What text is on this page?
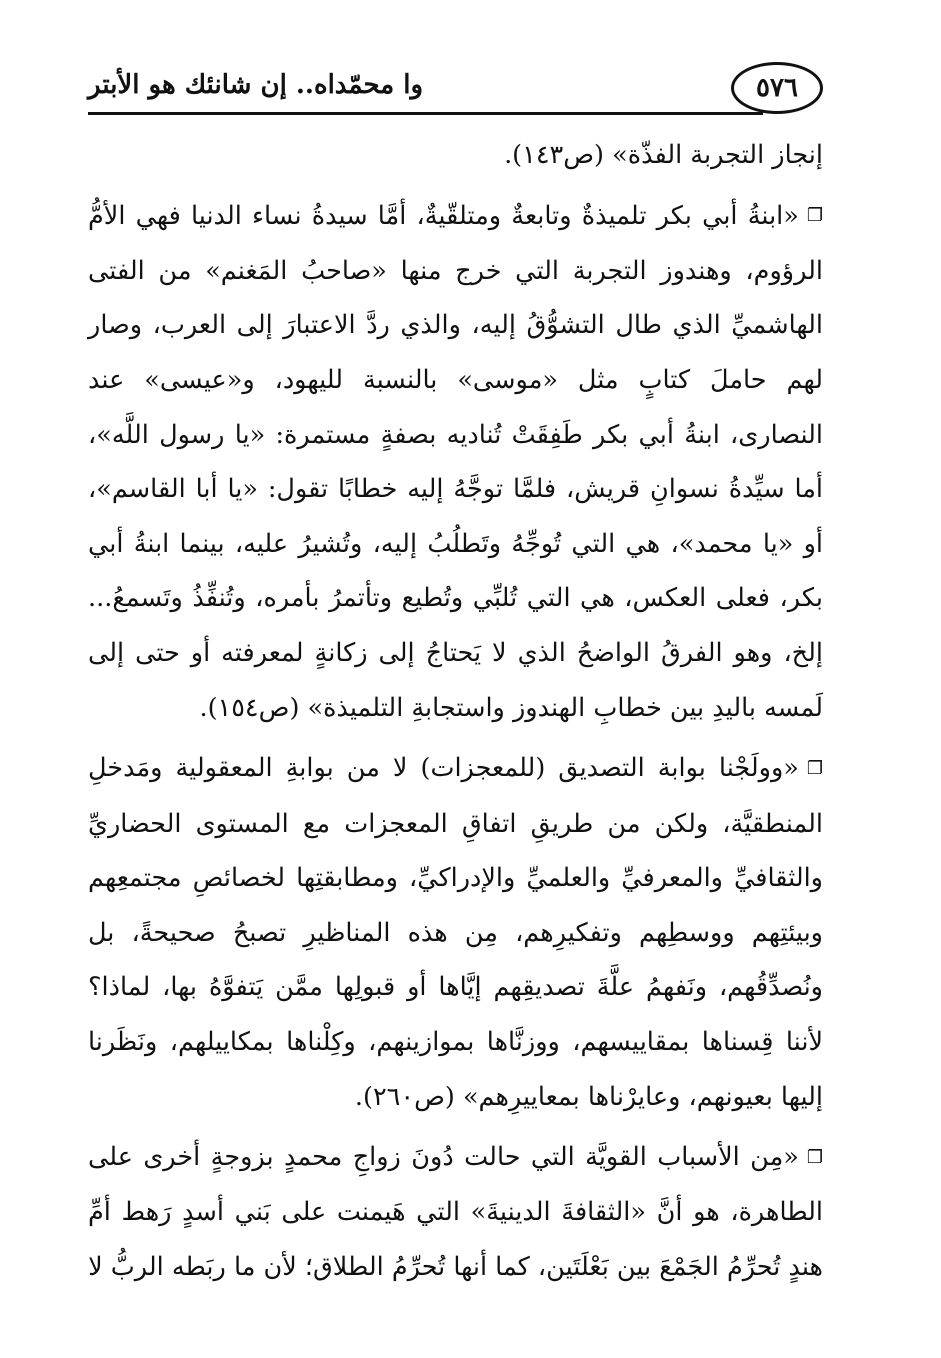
٥٧٦
وا محمّداه.. إن شانئك هو الأبتر

إنجاز التجربة الفذّة» (ص١٤٣).

❐«ابنةُ أبي بكر تلميذةٌ وتابعةٌ ومتلقّيةٌ، أمَّا سيدةُ نساء الدنيا فهي الأمُّ الرؤوم، وهندوز التجربة التي خرج منها «صاحبُ المَغنم» من الفتى الهاشميِّ الذي طال التشوُّقُ إليه، والذي ردَّ الاعتبارَ إلى العرب، وصار لهم حاملَ كتابٍ مثل «موسى» بالنسبة لليهود، و«عيسى» عند النصارى، ابنةُ أبي بكر طَفِقَتْ تُناديه بصفةٍ مستمرة: «يا رسول اللَّه»، أما سيِّدةُ نسوانِ قريش، فلمَّا توجَّهُ إليه خطابًا تقول: «يا أبا القاسم»، أو «يا محمد»، هي التي تُوجِّهُ وتَطلُبُ إليه، وتُشيرُ عليه، بينما ابنةُ أبي بكر، فعلى العكس، هي التي تُلبِّي وتُطيع وتأتمرُ بأمره، وتُنفِّذُ وتَسمعُ... إلخ، وهو الفرقُ الواضحُ الذي لا يَحتاجُ إلى زكانةٍ لمعرفته أو حتى إلى لَمسه باليدِ بين خطابِ الهندوز واستجابةِ التلميذة» (ص١٥٤).

❐«وولَجْنا بوابة التصديق (للمعجزات) لا من بوابةِ المعقولية ومَدخلِ المنطقيَّة، ولكن من طريقِ اتفاقِ المعجزات مع المستوى الحضاريِّ والثقافيِّ والمعرفيِّ والعلميِّ والإدراكيِّ، ومطابقتِها لخصائصِ مجتمعِهم وبيئتِهم ووسطِهم وتفكيرِهم، مِن هذه المناظيرِ تصبحُ صحيحةً، بل ونُصدِّقُهم، ونَفهمُ علَّةَ تصديقِهم إيَّاها أو قبولِها ممَّن يَتفوَّهُ بها، لماذا؟ لأننا قِسناها بمقاييسهم، ووزنَّاها بموازينهم، وكِلْناها بمكاييلهم، ونَظَرنا إليها بعيونهم، وعايرْناها بمعاييرِهم» (ص٢٦٠).

❐«مِن الأسباب القويَّة التي حالت دُونَ زواجِ محمدٍ بزوجةٍ أخرى على الطاهرة، هو أنَّ «الثقافةَ الدينيةَ» التي هَيمنت على بَني أسدٍ رَهط أمِّ هندٍ تُحرِّمُ الجَمْعَ بين بَعْلَتَين، كما أنها تُحرِّمُ الطلاق؛ لأن ما ربَطه الربُّ لا
